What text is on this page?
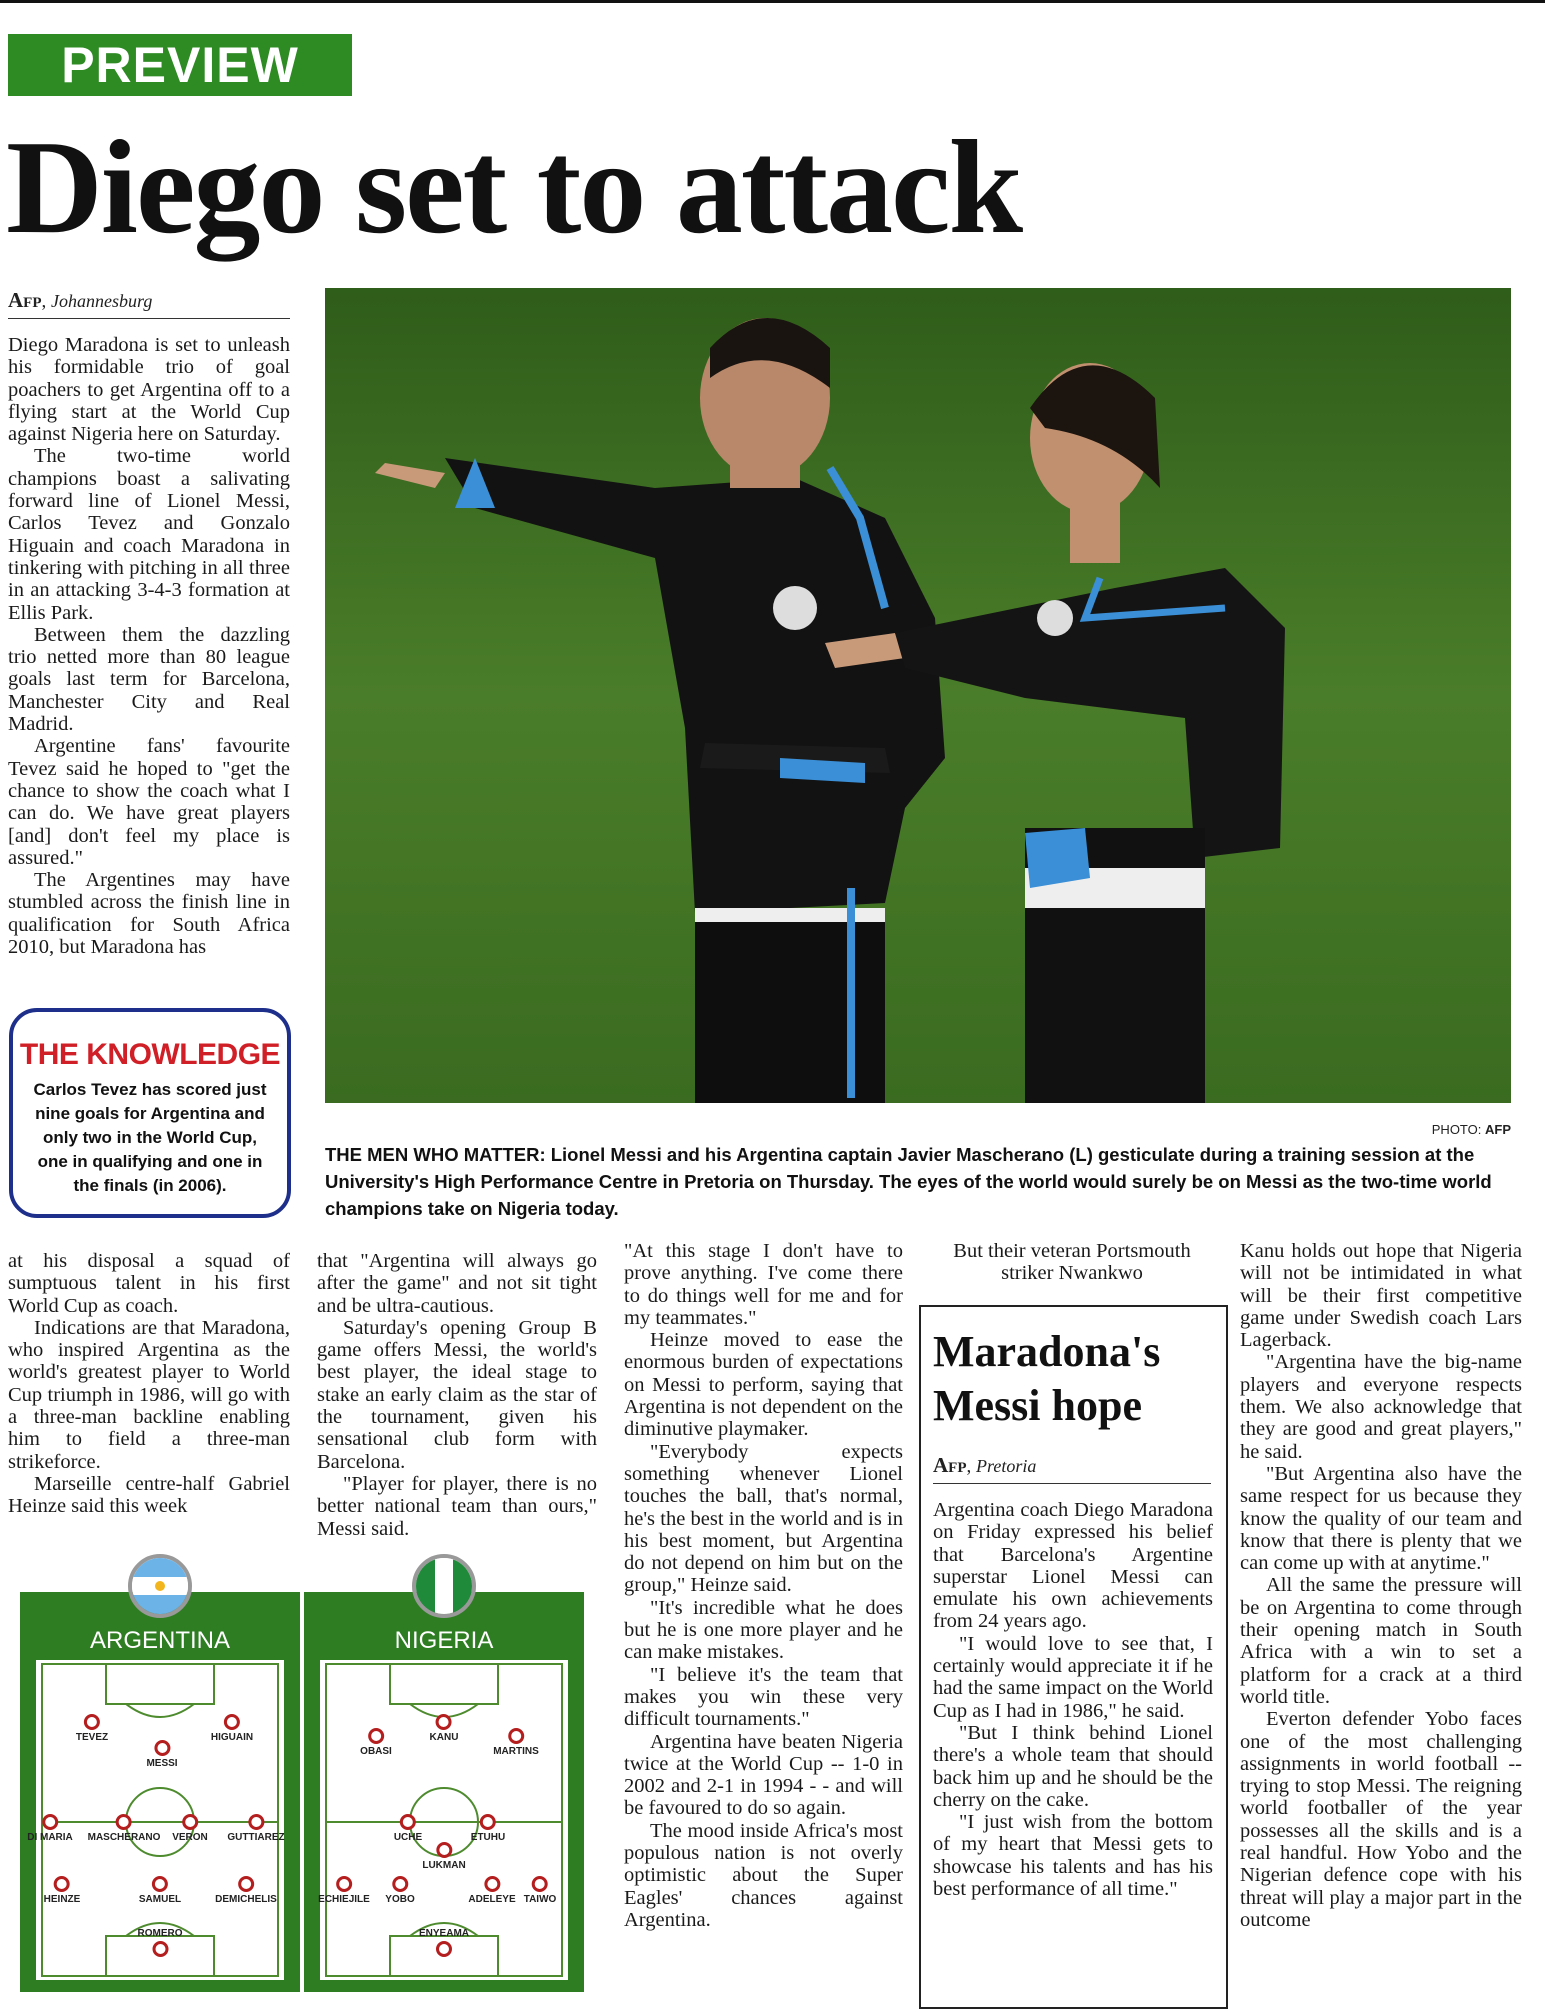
PREVIEW
Diego set to attack
Afp, Johannesburg

Diego Maradona is set to unleash his formidable trio of goal poachers to get Argentina off to a flying start at the World Cup against Nigeria here on Saturday.

The two-time world champions boast a salivating forward line of Lionel Messi, Carlos Tevez and Gonzalo Higuain and coach Maradona in tinkering with pitching in all three in an attacking 3-4-3 formation at Ellis Park.

Between them the dazzling trio netted more than 80 league goals last term for Barcelona, Manchester City and Real Madrid.

Argentine fans' favourite Tevez said he hoped to "get the chance to show the coach what I can do. We have great players [and] don't feel my place is assured."

The Argentines may have stumbled across the finish line in qualification for South Africa 2010, but Maradona has

THE KNOWLEDGE
Carlos Tevez has scored just nine goals for Argentina and only two in the World Cup, one in qualifying and one in the finals (in 2006).
PHOTO: AFP
THE MEN WHO MATTER: Lionel Messi and his Argentina captain Javier Mascherano (L) gesticulate during a training session at the University's High Performance Centre in Pretoria on Thursday. The eyes of the world would surely be on Messi as the two-time world champions take on Nigeria today.

at his disposal a squad of sumptuous talent in his first World Cup as coach.

Indications are that Maradona, who inspired Argentina as the world's greatest player to World Cup triumph in 1986, will go with a three-man backline enabling him to field a three-man strikeforce.

Marseille centre-half Gabriel Heinze said this week

that "Argentina will always go after the game" and not sit tight and be ultra-cautious.

Saturday's opening Group B game offers Messi, the world's best player, the ideal stage to stake an early claim as the star of the tournament, given his sensational club form with Barcelona.

"Player for player, there is no better national team than ours," Messi said.

"At this stage I don't have to prove anything. I've come there to do things well for me and for my teammates."

Heinze moved to ease the enormous burden of expectations on Messi to perform, saying that Argentina is not dependent on the diminutive playmaker.

"Everybody expects something whenever Lionel touches the ball, that's normal, he's the best in the world and is in his best moment, but Argentina do not depend on him but on the group," Heinze said.

"It's incredible what he does but he is one more player and he can make mistakes.

"I believe it's the team that makes you win these very difficult tournaments."

Argentina have beaten Nigeria twice at the World Cup -- 1-0 in 2002 and 2-1 in 1994 - - and will be favoured to do so again.

The mood inside Africa's most populous nation is not overly optimistic about the Super Eagles' chances against Argentina.

But their veteran Portsmouth striker Nwankwo

Maradona's
Messi hope
Afp, Pretoria

Argentina coach Diego Maradona on Friday expressed his belief that Barcelona's Argentine superstar Lionel Messi can emulate his own achievements from 24 years ago.

"I would love to see that, I certainly would appreciate it if he had the same impact on the World Cup as I had in 1986," he said.

"But I think behind Lionel there's a whole team that should back him up and he should be the cherry on the cake.

"I just wish from the bottom of my heart that Messi gets to showcase his talents and has his best performance of all time."

Kanu holds out hope that Nigeria will not be intimidated in what will be their first competitive game under Swedish coach Lars Lagerback.

"Argentina have the big-name players and everyone respects them. We also acknowledge that they are good and great players," he said.

"But Argentina also have the same respect for us because they know the quality of our team and know that there is plenty that we can come up with at anytime."

All the same the pressure will be on Argentina to come through their opening match in South Africa with a win to set a platform for a crack at a third world title.

Everton defender Yobo faces one of the most challenging assignments in world football -- trying to stop Messi. The reigning world footballer of the year possesses all the skills and is a real handful. How Yobo and the Nigerian defence cope with his threat will play a major part in the outcome

ARGENTINA
TEVEZ	HIGUAIN
MESSI
DI MARIA MASCHERANO VERON GUTTIAREZ
HEINZE	SAMUEL	DEMICHELIS
ROMERO
NIGERIA
OBASI
KANU
MARTINS
UCHE	ETUHU
LUKMAN
ECHIEJILE YOBO	ADELEYE TAIWO
ENYEAMA
